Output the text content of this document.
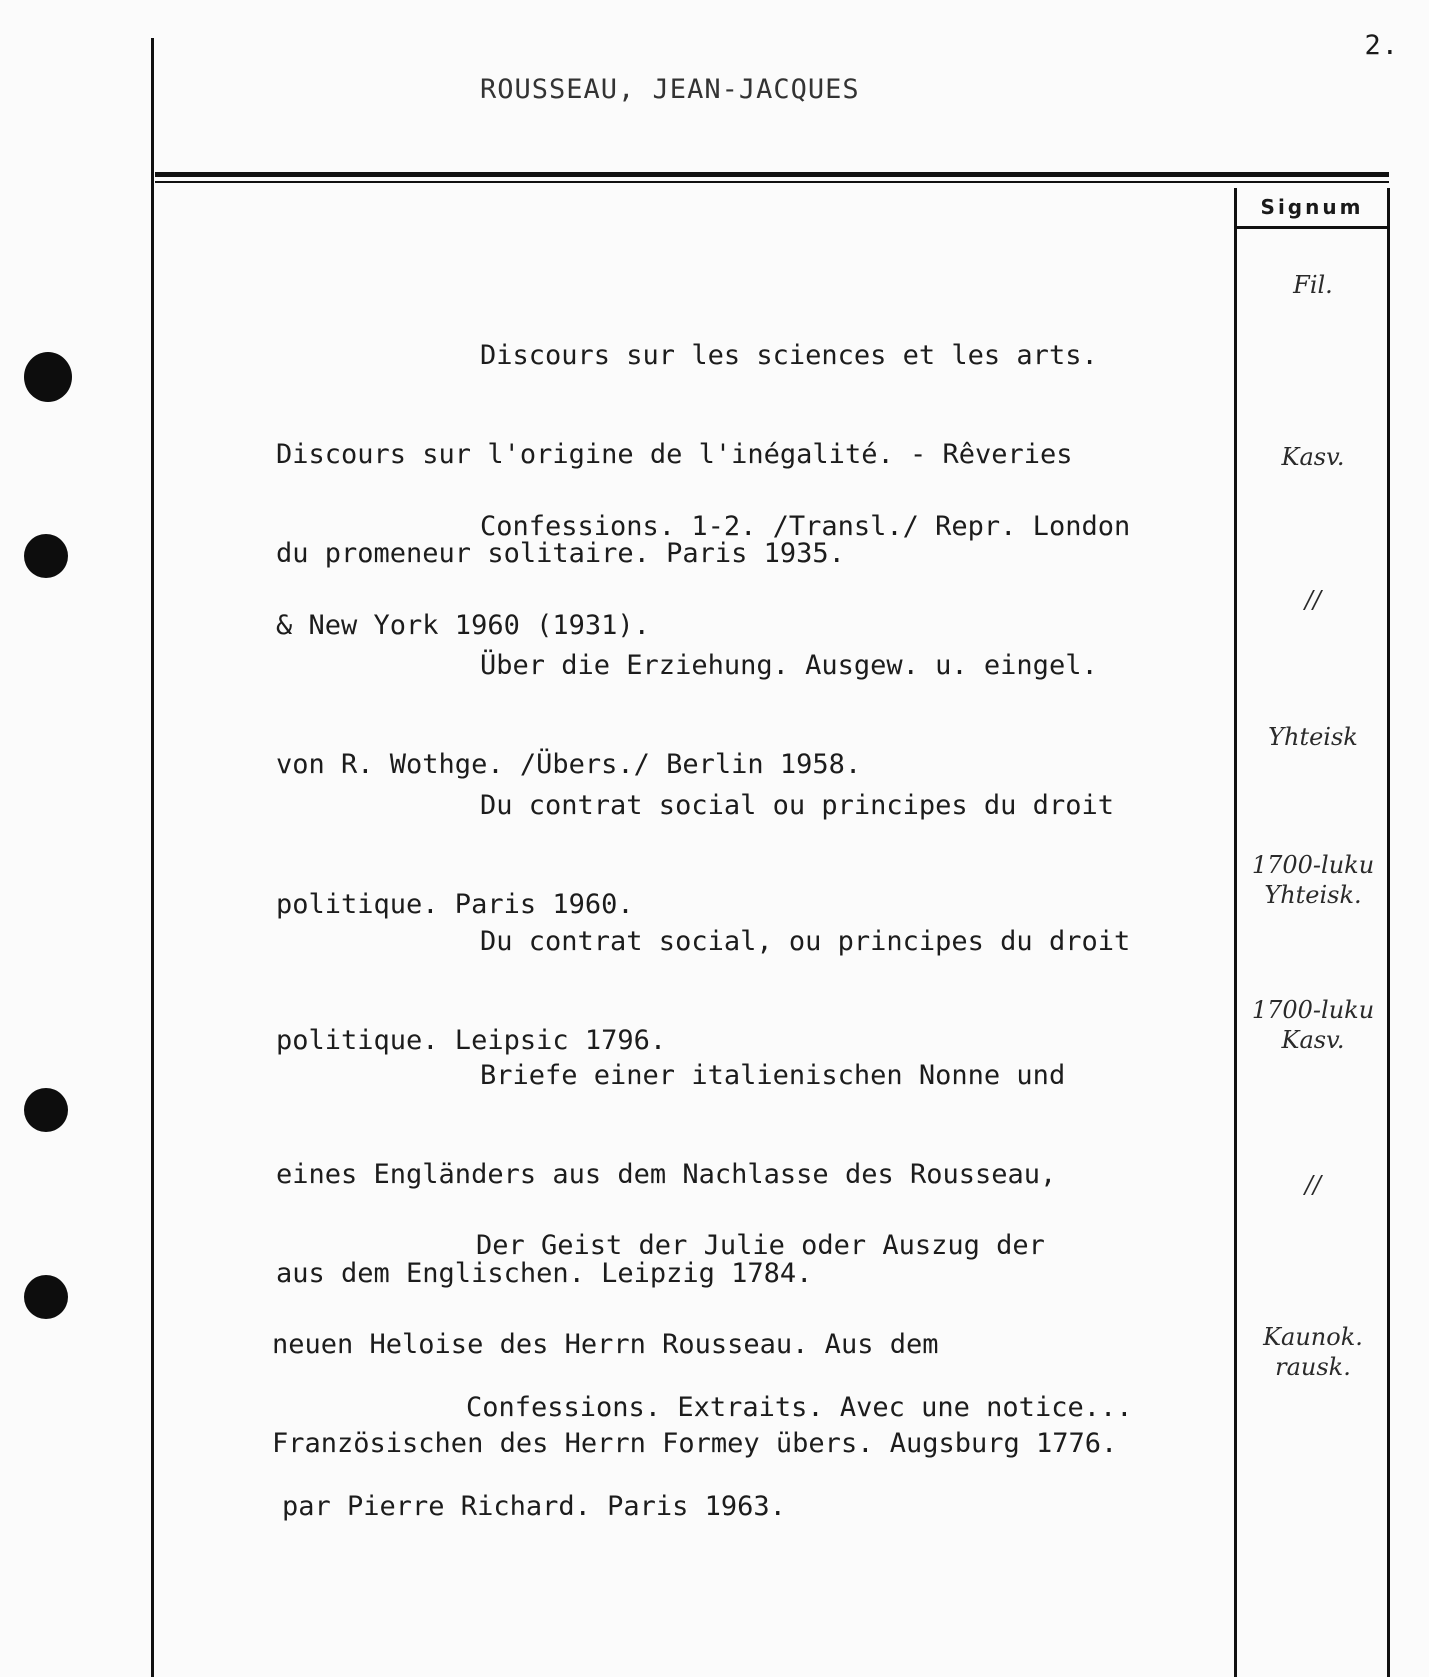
2.
ROUSSEAU, JEAN-JACQUES
Signum

Discours sur les sciences et les arts.

Discours sur l'origine de l'inégalité. - Rêveries

du promeneur solitaire. Paris 1935.

Fil.

Confessions. 1-2. /Transl./ Repr. London

& New York 1960 (1931).

Kasv.

Über die Erziehung. Ausgew. u. eingel.

von R. Wothge. /Übers./ Berlin 1958.

//

Du contrat social ou principes du droit

politique. Paris 1960.

Yhteisk

Du contrat social, ou principes du droit

politique. Leipsic 1796.

1700-luku
Yhteisk.

Briefe einer italienischen Nonne und

eines Engländers aus dem Nachlasse des Rousseau,

aus dem Englischen. Leipzig 1784.

1700-luku
Kasv.

Der Geist der Julie oder Auszug der

neuen Heloise des Herrn Rousseau. Aus dem

Französischen des Herrn Formey übers. Augsburg 1776.

//

Confessions. Extraits. Avec une notice...

par Pierre Richard. Paris 1963.

Kaunok.
rausk.
